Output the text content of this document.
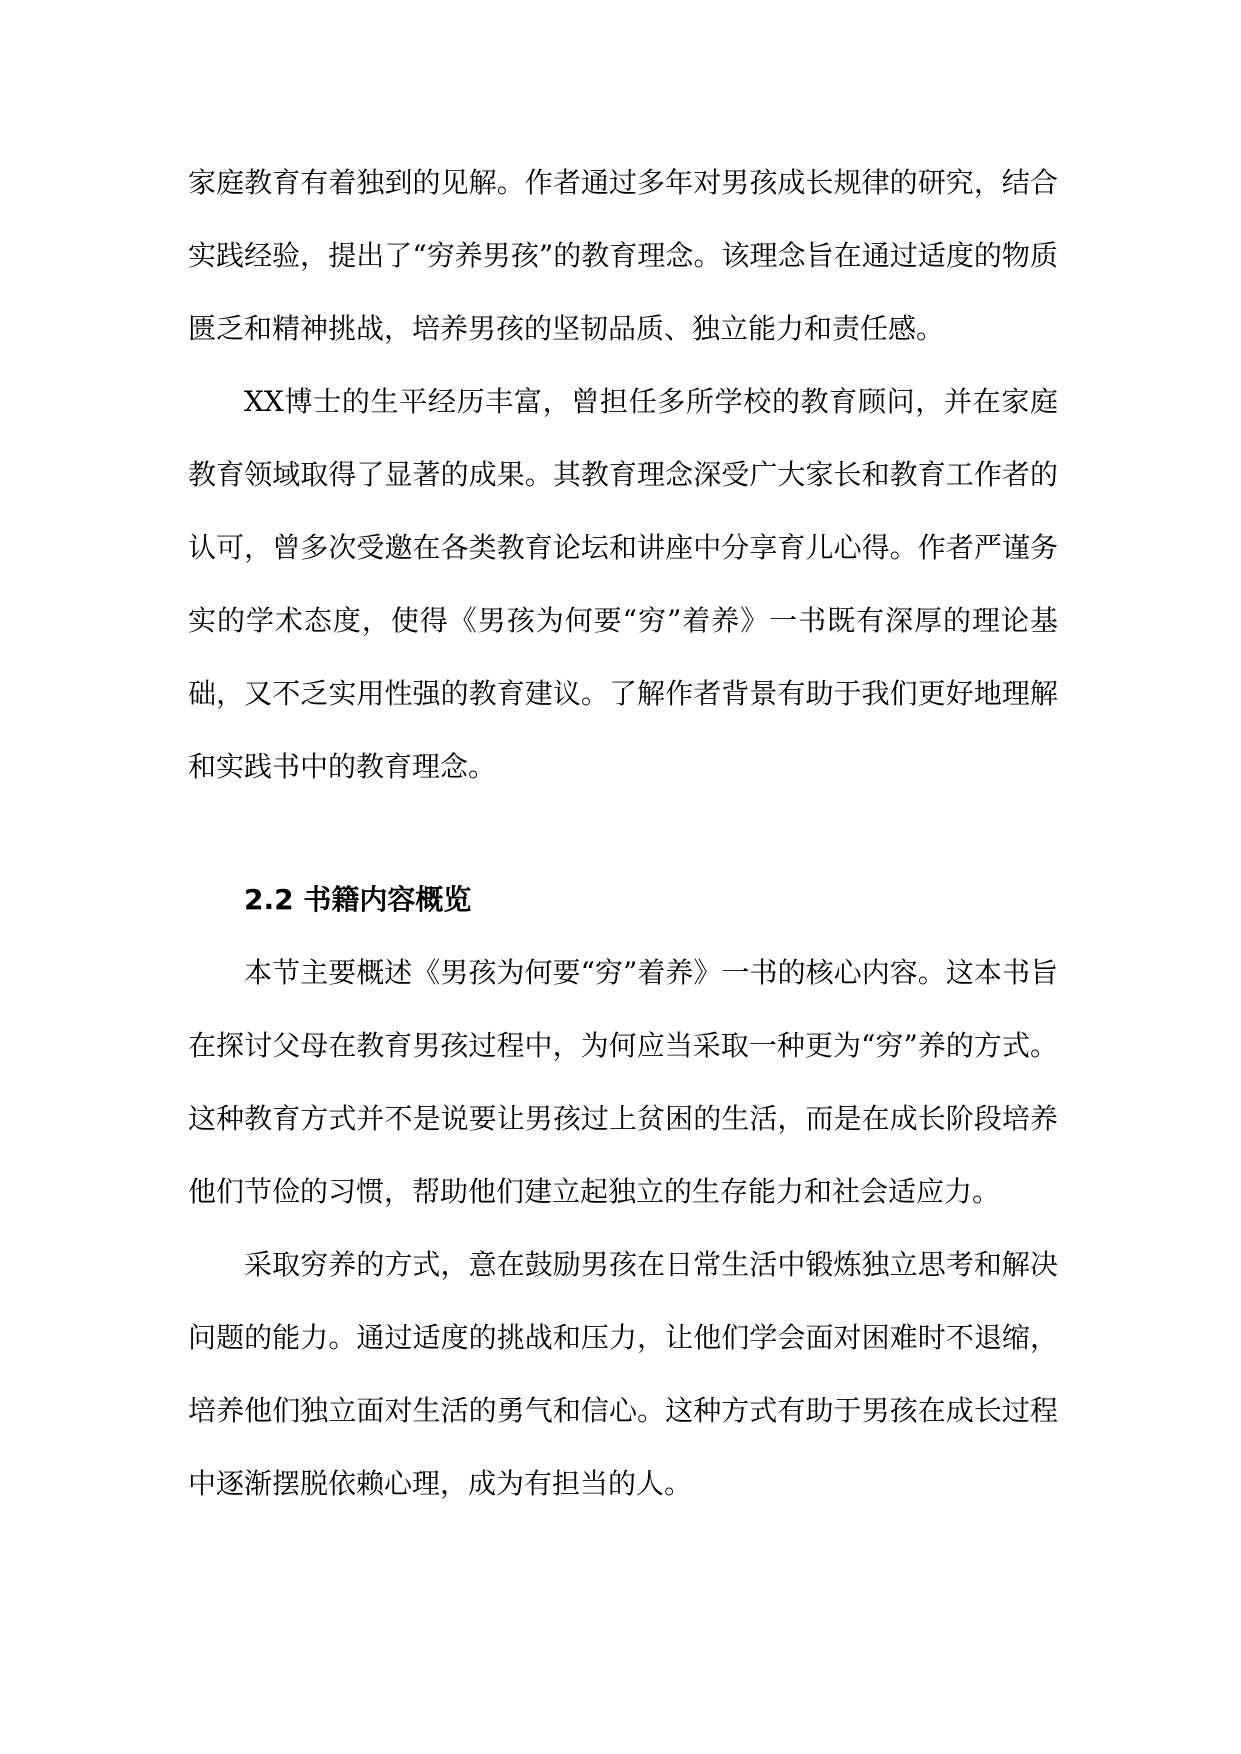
家庭教育有着独到的见解。作者通过多年对男孩成长规律的研究，结合实践经验，提出了“穷养男孩”的教育理念。该理念旨在通过适度的物质匮乏和精神挑战，培养男孩的坚韧品质、独立能力和责任感。

XX博士的生平经历丰富，曾担任多所学校的教育顾问，并在家庭教育领域取得了显著的成果。其教育理念深受广大家长和教育工作者的认可，曾多次受邀在各类教育论坛和讲座中分享育儿心得。作者严谨务实的学术态度，使得《男孩为何要“穷”着养》一书既有深厚的理论基础，又不乏实用性强的教育建议。了解作者背景有助于我们更好地理解和实践书中的教育理念。

2.2 书籍内容概览

本节主要概述《男孩为何要“穷”着养》一书的核心内容。这本书旨在探讨父母在教育男孩过程中，为何应当采取一种更为“穷”养的方式。这种教育方式并不是说要让男孩过上贫困的生活，而是在成长阶段培养他们节俭的习惯，帮助他们建立起独立的生存能力和社会适应力。

采取穷养的方式，意在鼓励男孩在日常生活中锻炼独立思考和解决问题的能力。通过适度的挑战和压力，让他们学会面对困难时不退缩，培养他们独立面对生活的勇气和信心。这种方式有助于男孩在成长过程中逐渐摆脱依赖心理，成为有担当的人。
